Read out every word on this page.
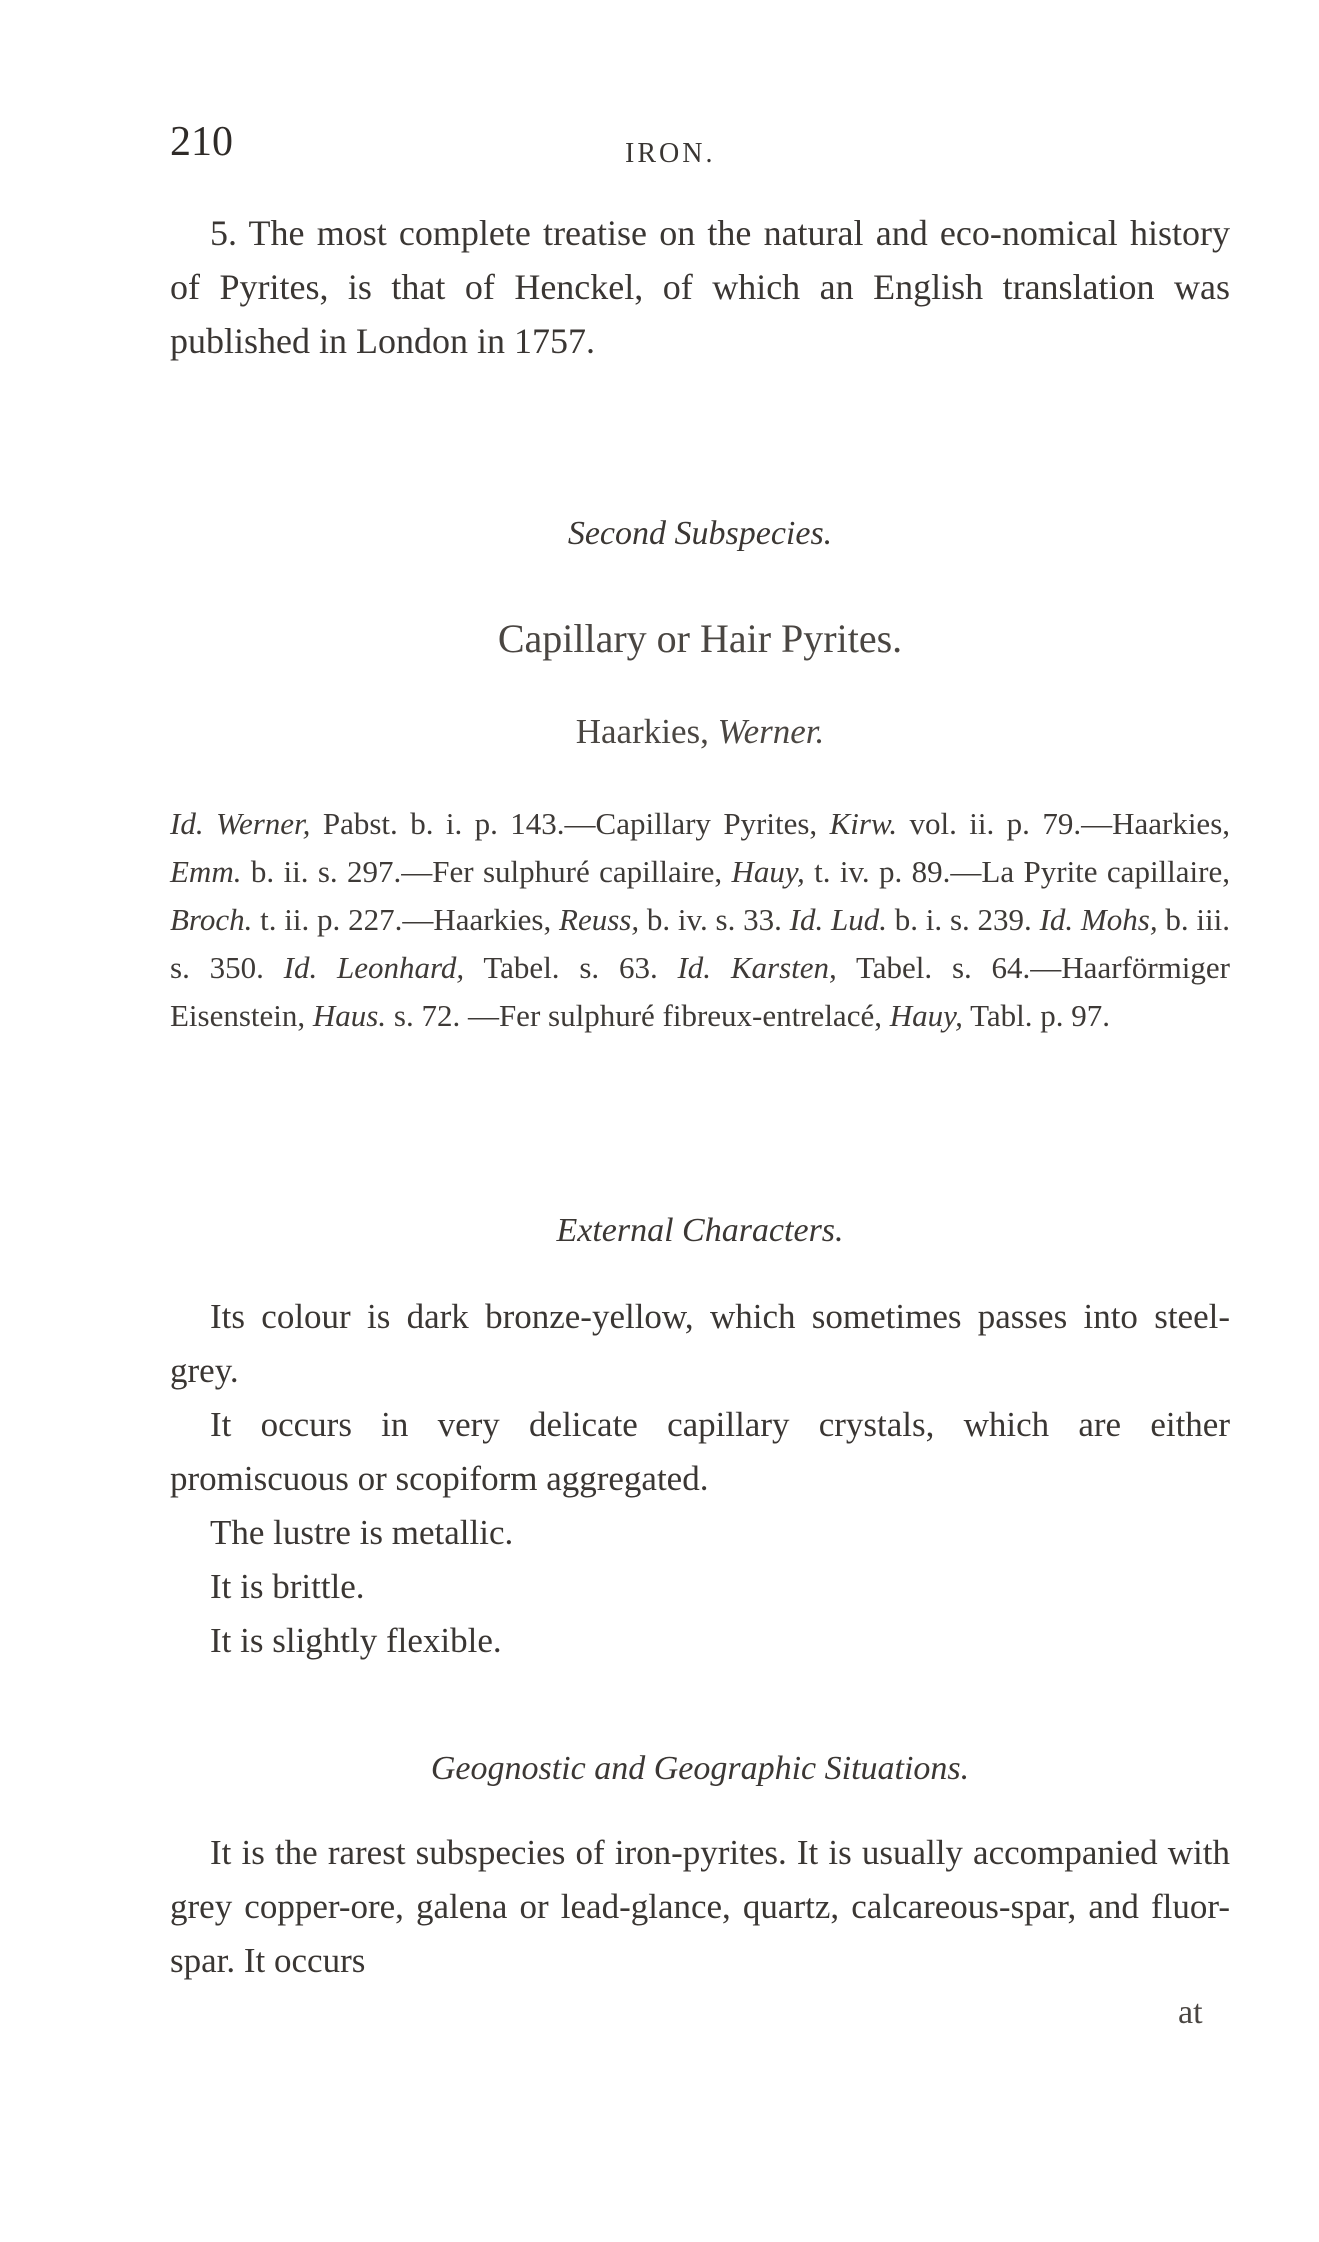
210	IRON.
5. The most complete treatise on the natural and eco-nomical history of Pyrites, is that of Henckel, of which an English translation was published in London in 1757.
Second Subspecies.
Capillary or Hair Pyrites.
Haarkies, Werner.
Id. Werner, Pabst. b. i. p. 143.—Capillary Pyrites, Kirw. vol. ii. p. 79.—Haarkies, Emm. b. ii. s. 297.—Fer sulphuré capillaire, Hauy, t. iv. p. 89.—La Pyrite capillaire, Broch. t. ii. p. 227.—Haarkies, Reuss, b. iv. s. 33. Id. Lud. b. i. s. 239. Id. Mohs, b. iii. s. 350. Id. Leonhard, Tabel. s. 63. Id. Karsten, Tabel. s. 64.—Haarförmiger Eisenstein, Haus. s. 72. —Fer sulphuré fibreux-entrelacé, Hauy, Tabl. p. 97.
External Characters.

Its colour is dark bronze-yellow, which sometimes passes into steel-grey.

It occurs in very delicate capillary crystals, which are either promiscuous or scopiform aggregated.

The lustre is metallic.

It is brittle.

It is slightly flexible.

Geognostic and Geographic Situations.
It is the rarest subspecies of iron-pyrites. It is usually accompanied with grey copper-ore, galena or lead-glance, quartz, calcareous-spar, and fluor-spar. It occurs
at
